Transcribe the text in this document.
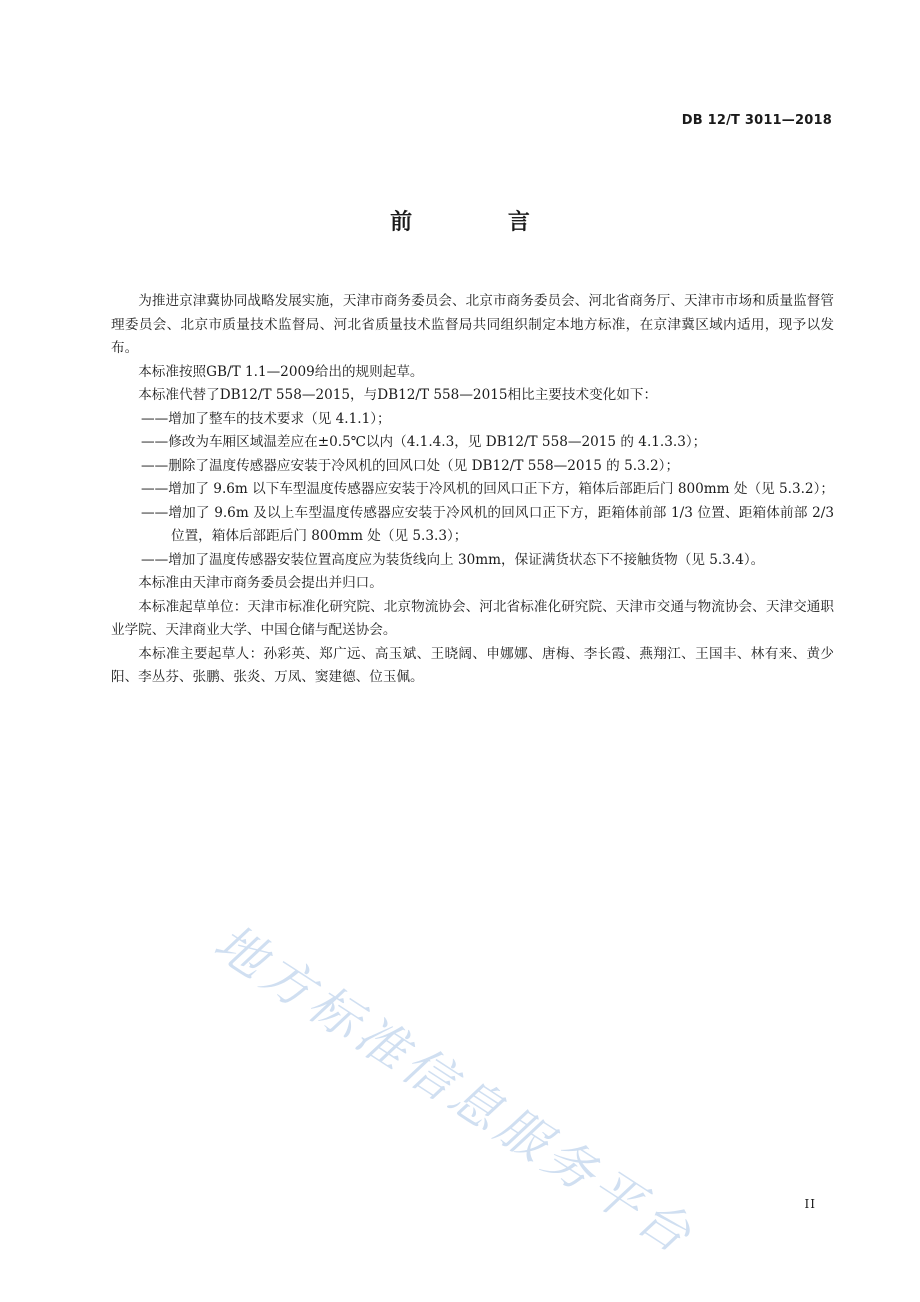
DB 12/T 3011—2018
前 言

为推进京津冀协同战略发展实施，天津市商务委员会、北京市商务委员会、河北省商务厅、天津市市场和质量监督管理委员会、北京市质量技术监督局、河北省质量技术监督局共同组织制定本地方标准，在京津冀区域内适用，现予以发布。

本标准按照GB/T 1.1—2009给出的规则起草。

本标准代替了DB12/T 558—2015，与DB12/T 558—2015相比主要技术变化如下：

——增加了整车的技术要求（见 4.1.1）；

——修改为车厢区域温差应在±0.5℃以内（4.1.4.3，见 DB12/T 558—2015 的 4.1.3.3）；

——删除了温度传感器应安装于冷风机的回风口处（见 DB12/T 558—2015 的 5.3.2）；

——增加了 9.6m 以下车型温度传感器应安装于冷风机的回风口正下方，箱体后部距后门 800mm 处（见 5.3.2）；

——增加了 9.6m 及以上车型温度传感器应安装于冷风机的回风口正下方，距箱体前部 1/3 位置、距箱体前部 2/3 位置，箱体后部距后门 800mm 处（见 5.3.3）；

——增加了温度传感器安装位置高度应为装货线向上 30mm，保证满货状态下不接触货物（见 5.3.4）。

本标准由天津市商务委员会提出并归口。

本标准起草单位：天津市标准化研究院、北京物流协会、河北省标准化研究院、天津市交通与物流协会、天津交通职业学院、天津商业大学、中国仓储与配送协会。

本标准主要起草人：孙彩英、郑广远、高玉斌、王晓阔、申娜娜、唐梅、李长霞、燕翔江、王国丰、林有来、黄少阳、李丛芬、张鹏、张炎、万凤、窦建德、位玉佩。

地方标准信息服务平台	II
